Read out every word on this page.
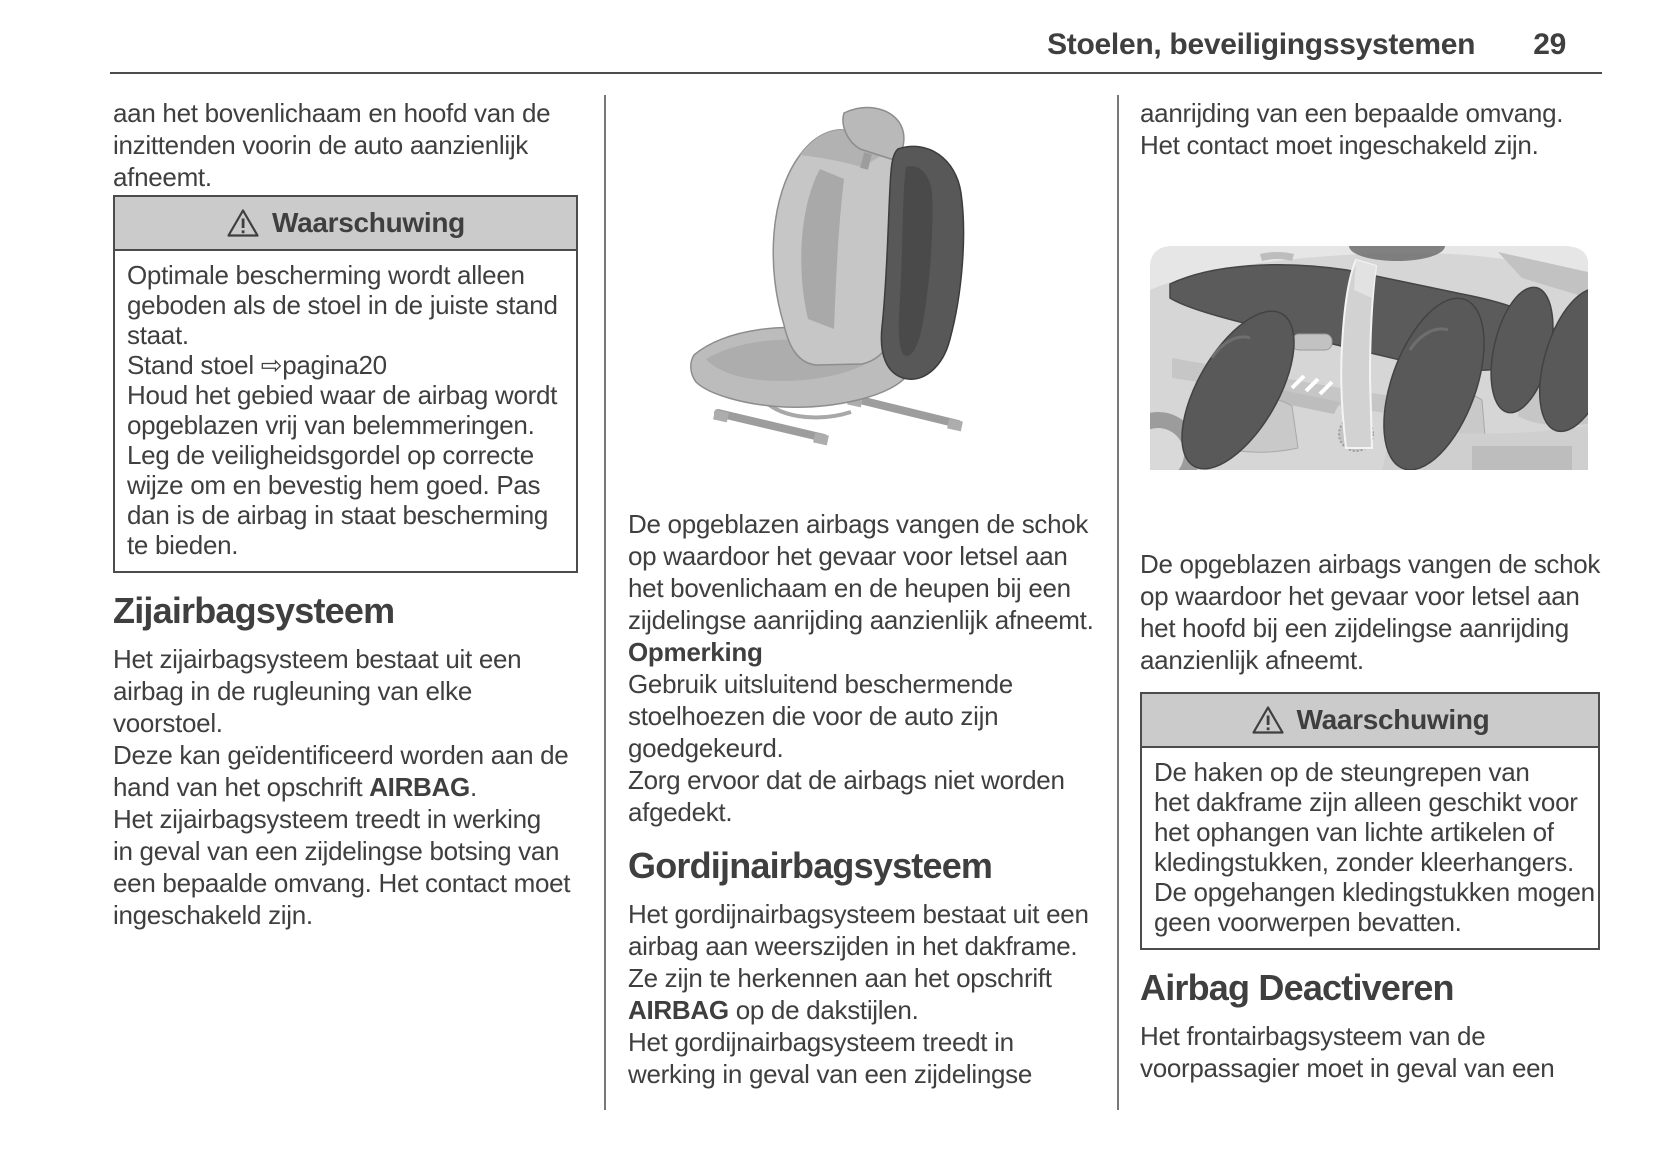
Stoelen, beveiligingssystemen 29
aan het bovenlichaam en hoofd van de
inzittenden voorin de auto aanzienlijk
afneemt.
Waarschuwing
Optimale bescherming wordt alleen
geboden als de stoel in de juiste stand
staat.
Stand stoel ⇨pagina20
Houd het gebied waar de airbag wordt
opgeblazen vrij van belemmeringen.
Leg de veiligheidsgordel op correcte
wijze om en bevestig hem goed. Pas
dan is de airbag in staat bescherming
te bieden.
Zijairbagsysteem
Het zijairbagsysteem bestaat uit een
airbag in de rugleuning van elke
voorstoel.
Deze kan geïdentificeerd worden aan de
hand van het opschrift AIRBAG.
Het zijairbagsysteem treedt in werking
in geval van een zijdelingse botsing van
een bepaalde omvang. Het contact moet
ingeschakeld zijn.
De opgeblazen airbags vangen de schok
op waardoor het gevaar voor letsel aan
het bovenlichaam en de heupen bij een
zijdelingse aanrijding aanzienlijk afneemt.
Opmerking
Gebruik uitsluitend beschermende
stoelhoezen die voor de auto zijn
goedgekeurd.
Zorg ervoor dat de airbags niet worden
afgedekt.
Gordijnairbagsysteem
Het gordijnairbagsysteem bestaat uit een
airbag aan weerszijden in het dakframe.
Ze zijn te herkennen aan het opschrift
AIRBAG op de dakstijlen.
Het gordijnairbagsysteem treedt in
werking in geval van een zijdelingse
aanrijding van een bepaalde omvang.
Het contact moet ingeschakeld zijn.
De opgeblazen airbags vangen de schok
op waardoor het gevaar voor letsel aan
het hoofd bij een zijdelingse aanrijding
aanzienlijk afneemt.
Waarschuwing
De haken op de steungrepen van
het dakframe zijn alleen geschikt voor
het ophangen van lichte artikelen of
kledingstukken, zonder kleerhangers.
De opgehangen kledingstukken mogen
geen voorwerpen bevatten.
Airbag Deactiveren
Het frontairbagsysteem van de
voorpassagier moet in geval van een
